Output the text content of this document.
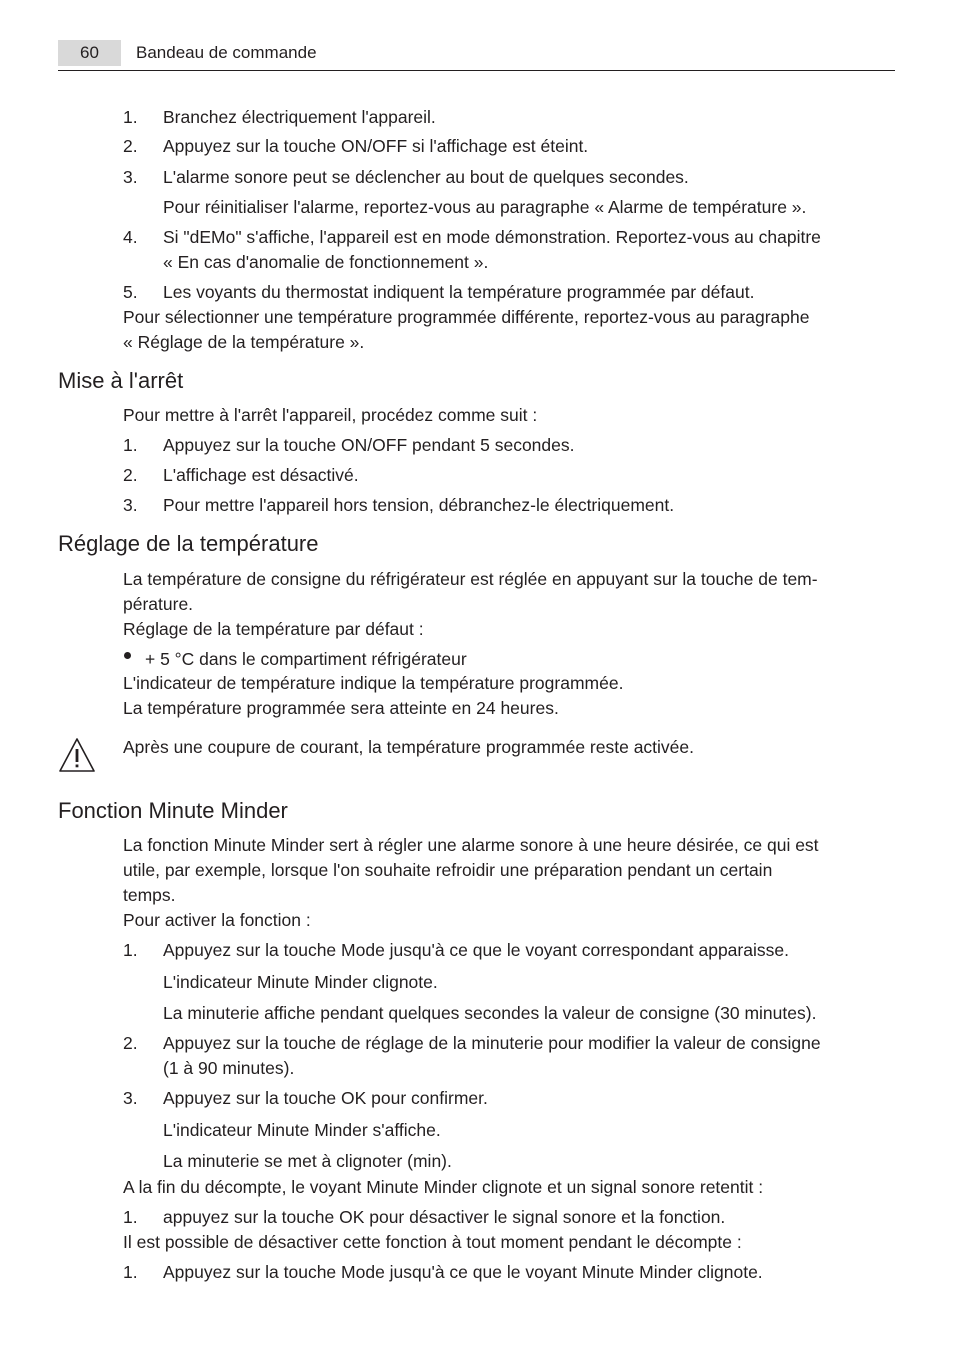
60	Bandeau de commande
1. Branchez électriquement l'appareil.
2. Appuyez sur la touche ON/OFF si l'affichage est éteint.
3. L'alarme sonore peut se déclencher au bout de quelques secondes.
Pour réinitialiser l'alarme, reportez-vous au paragraphe « Alarme de température ».
4. Si "dEMo" s'affiche, l'appareil est en mode démonstration. Reportez-vous au chapitre
« En cas d'anomalie de fonctionnement ».
5. Les voyants du thermostat indiquent la température programmée par défaut.
Pour sélectionner une température programmée différente, reportez-vous au paragraphe
« Réglage de la température ».
Mise à l'arrêt
Pour mettre à l'arrêt l'appareil, procédez comme suit :
1. Appuyez sur la touche ON/OFF pendant 5 secondes.
2. L'affichage est désactivé.
3. Pour mettre l'appareil hors tension, débranchez-le électriquement.
Réglage de la température
La température de consigne du réfrigérateur est réglée en appuyant sur la touche de tem-
pérature.
Réglage de la température par défaut :
+ 5 °C dans le compartiment réfrigérateur
L'indicateur de température indique la température programmée.
La température programmée sera atteinte en 24 heures.
Après une coupure de courant, la température programmée reste activée.
Fonction Minute Minder
La fonction Minute Minder sert à régler une alarme sonore à une heure désirée, ce qui est
utile, par exemple, lorsque l'on souhaite refroidir une préparation pendant un certain
temps.
Pour activer la fonction :
1. Appuyez sur la touche Mode jusqu'à ce que le voyant correspondant apparaisse.
L'indicateur Minute Minder clignote.
La minuterie affiche pendant quelques secondes la valeur de consigne (30 minutes).
2. Appuyez sur la touche de réglage de la minuterie pour modifier la valeur de consigne
(1 à 90 minutes).
3. Appuyez sur la touche OK pour confirmer.
L'indicateur Minute Minder s'affiche.
La minuterie se met à clignoter (min).
A la fin du décompte, le voyant Minute Minder clignote et un signal sonore retentit :
1. appuyez sur la touche OK pour désactiver le signal sonore et la fonction.
Il est possible de désactiver cette fonction à tout moment pendant le décompte :
1. Appuyez sur la touche Mode jusqu'à ce que le voyant Minute Minder clignote.
